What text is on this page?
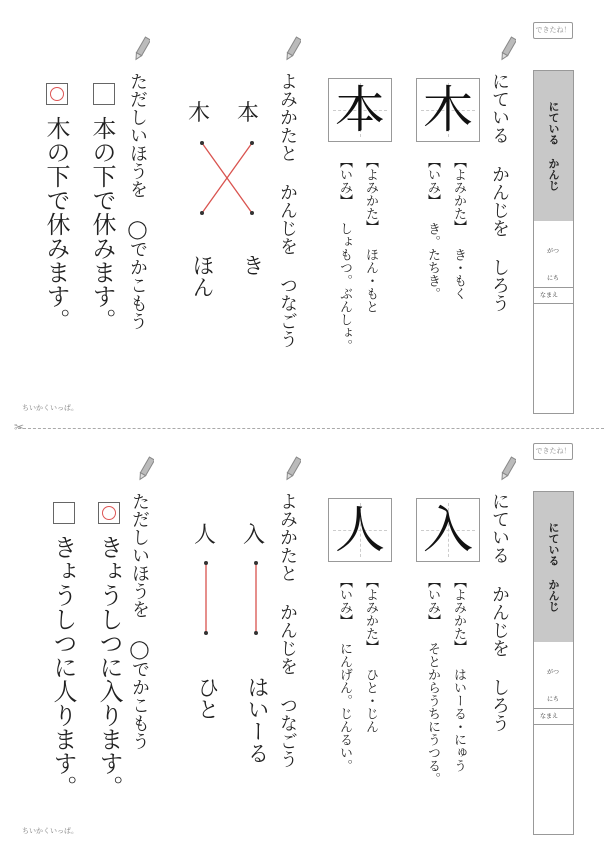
できたね！
にている かんじ
がつ
にち
なまえ
にている かんじを しろう
木
【よみかた】 き・もく
【いみ】 き。たちき。
本
【よみかた】 ほん・もと
【いみ】 しょもつ。ぶんしょ。
よみかたと かんじを つなごう
本
木
き
ほん
ただしいほうを ◯でかこもう
本の下で休みます。
木の下で休みます。
ちいかくいっぱ。
✂
できたね！
にている かんじ
がつ
にち
なまえ
にている かんじを しろう
入
【よみかた】 はいーる・にゅう
【いみ】 そとからうちにうつる。
人
【よみかた】 ひと・じん
【いみ】 にんげん。じんるい。
よみかたと かんじを つなごう
入
人
はいーる
ひと
ただしいほうを ◯でかこもう
きょうしつに入ります。
きょうしつに人ります。
ちいかくいっぱ。
